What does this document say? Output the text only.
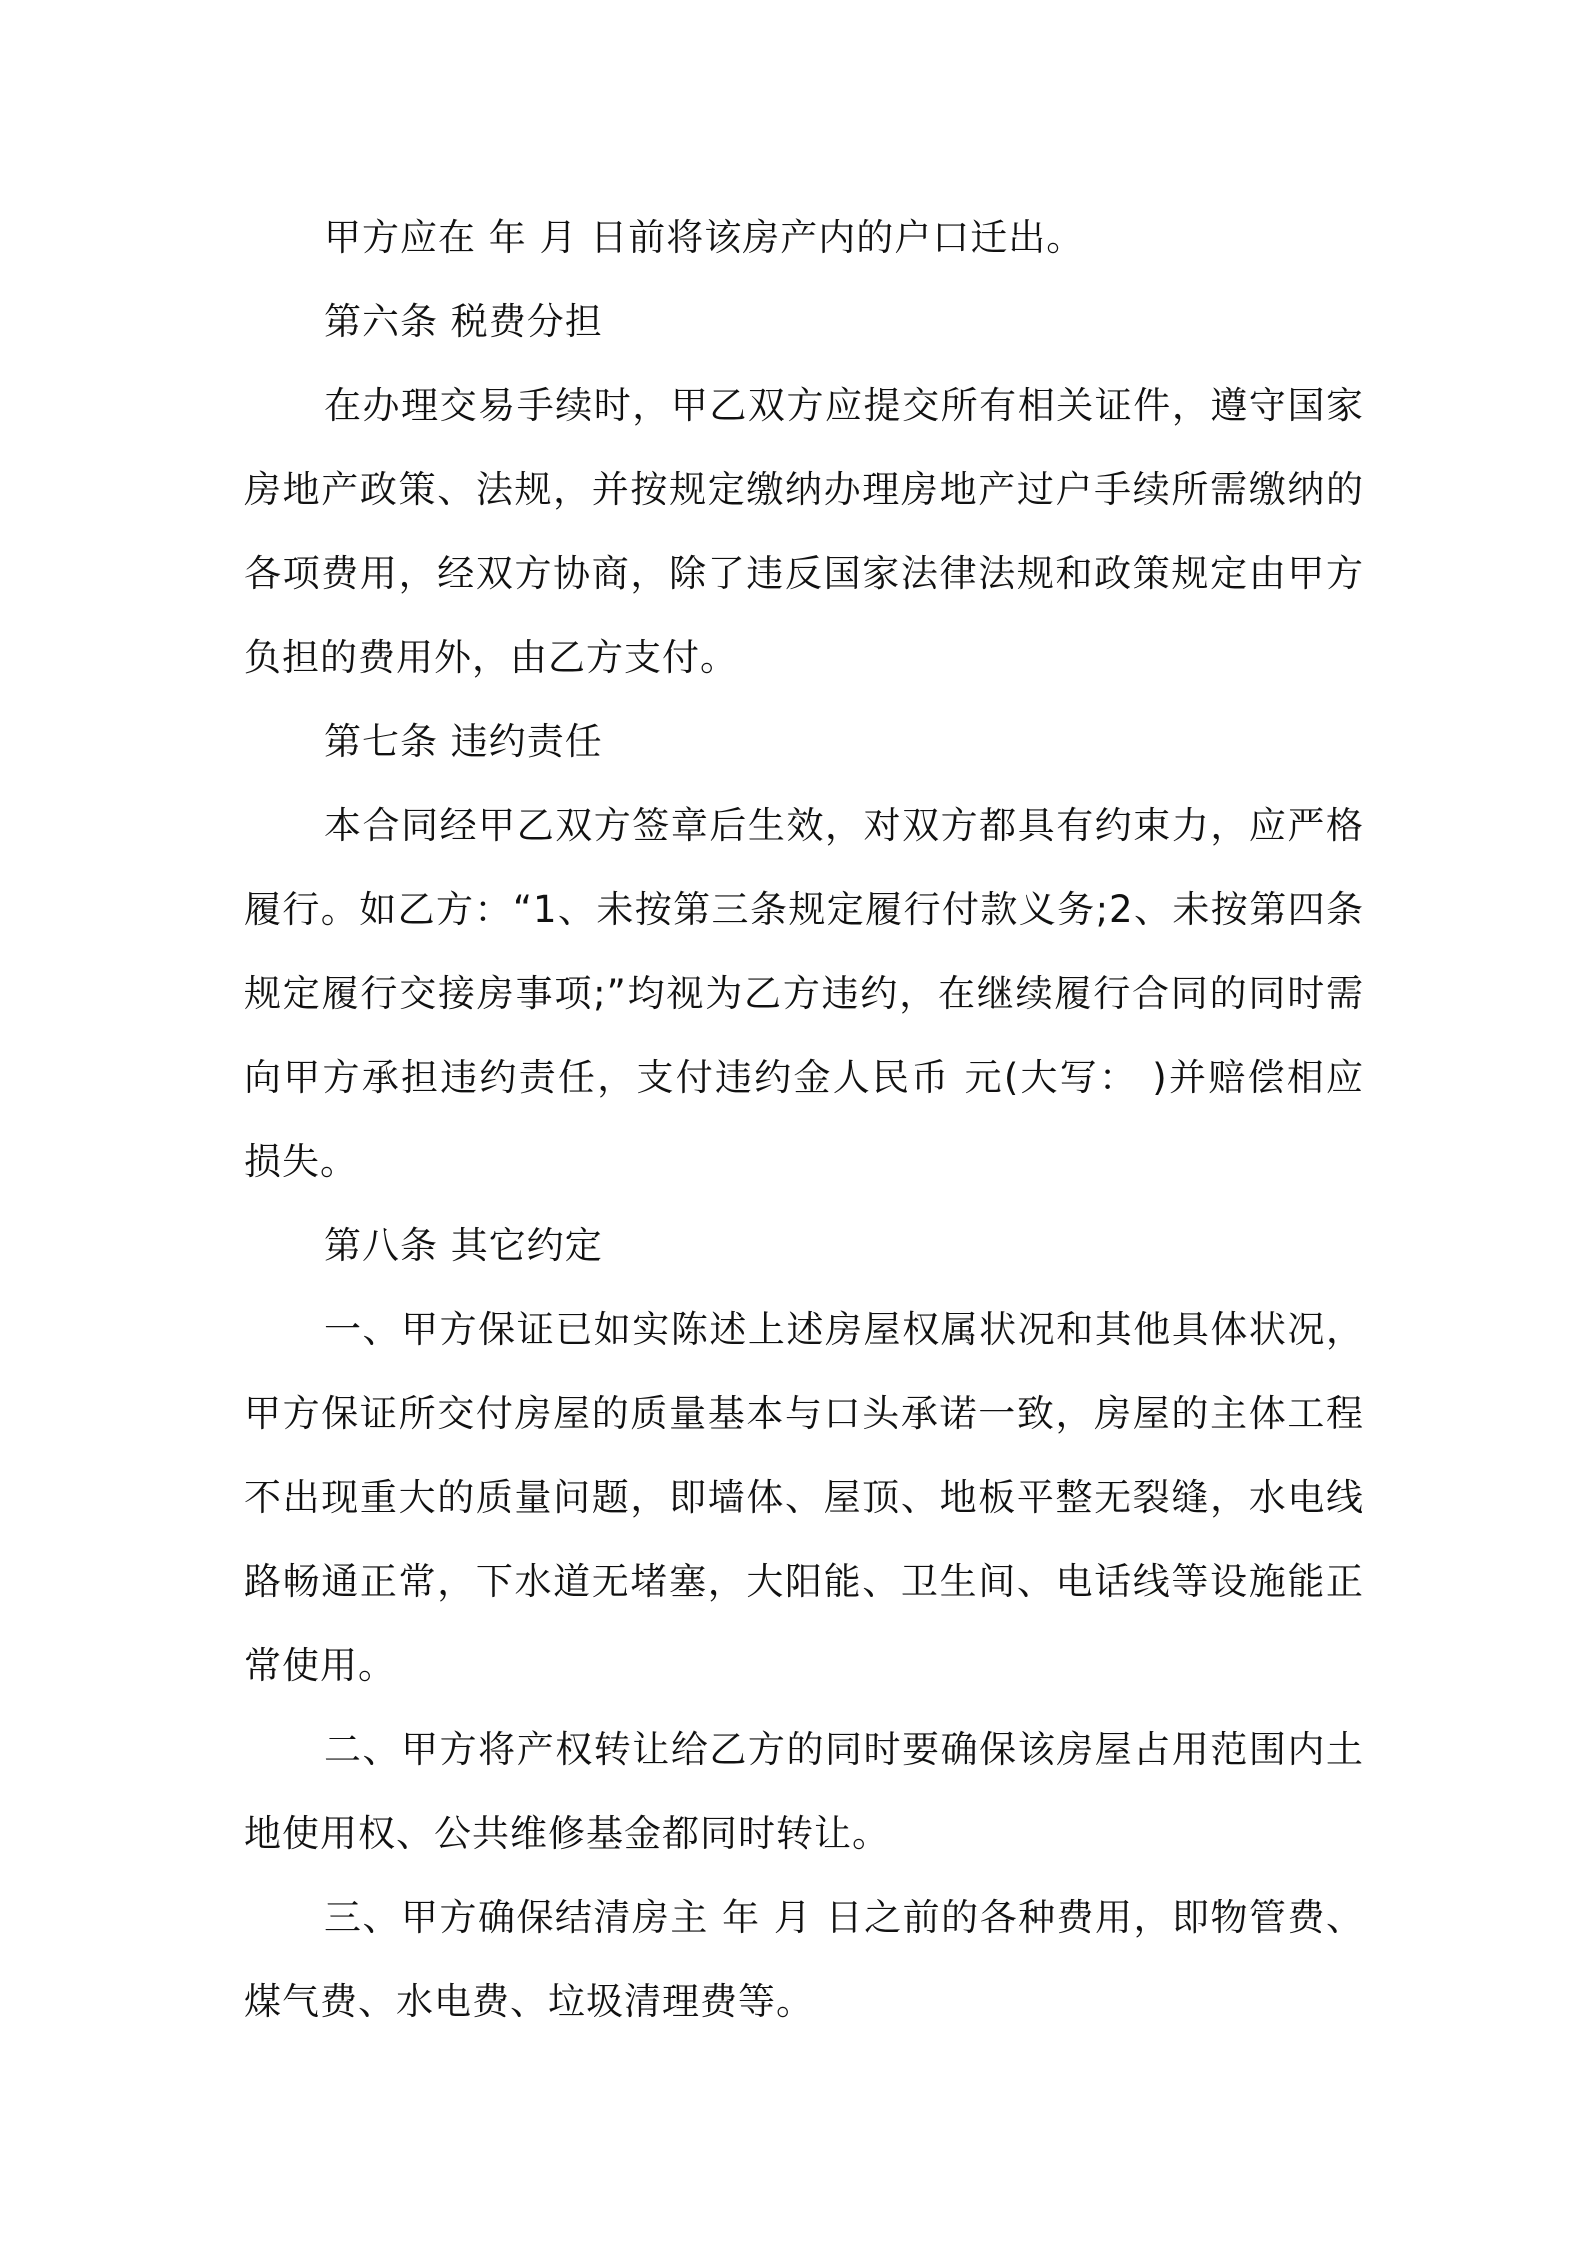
甲方应在 年 月 日前将该房产内的户口迁出。

第六条 税费分担

在办理交易手续时，甲乙双方应提交所有相关证件，遵守国家房地产政策、法规，并按规定缴纳办理房地产过户手续所需缴纳的各项费用，经双方协商，除了违反国家法律法规和政策规定由甲方负担的费用外，由乙方支付。

第七条 违约责任

本合同经甲乙双方签章后生效，对双方都具有约束力，应严格履行。如乙方：“1、未按第三条规定履行付款义务;2、未按第四条规定履行交接房事项;”均视为乙方违约，在继续履行合同的同时需向甲方承担违约责任，支付违约金人民币 元(大写： )并赔偿相应损失。

第八条 其它约定

一、甲方保证已如实陈述上述房屋权属状况和其他具体状况，甲方保证所交付房屋的质量基本与口头承诺一致，房屋的主体工程不出现重大的质量问题，即墙体、屋顶、地板平整无裂缝，水电线路畅通正常，下水道无堵塞，大阳能、卫生间、电话线等设施能正常使用。

二、甲方将产权转让给乙方的同时要确保该房屋占用范围内土地使用权、公共维修基金都同时转让。

三、甲方确保结清房主 年 月 日之前的各种费用，即物管费、煤气费、水电费、垃圾清理费等。
